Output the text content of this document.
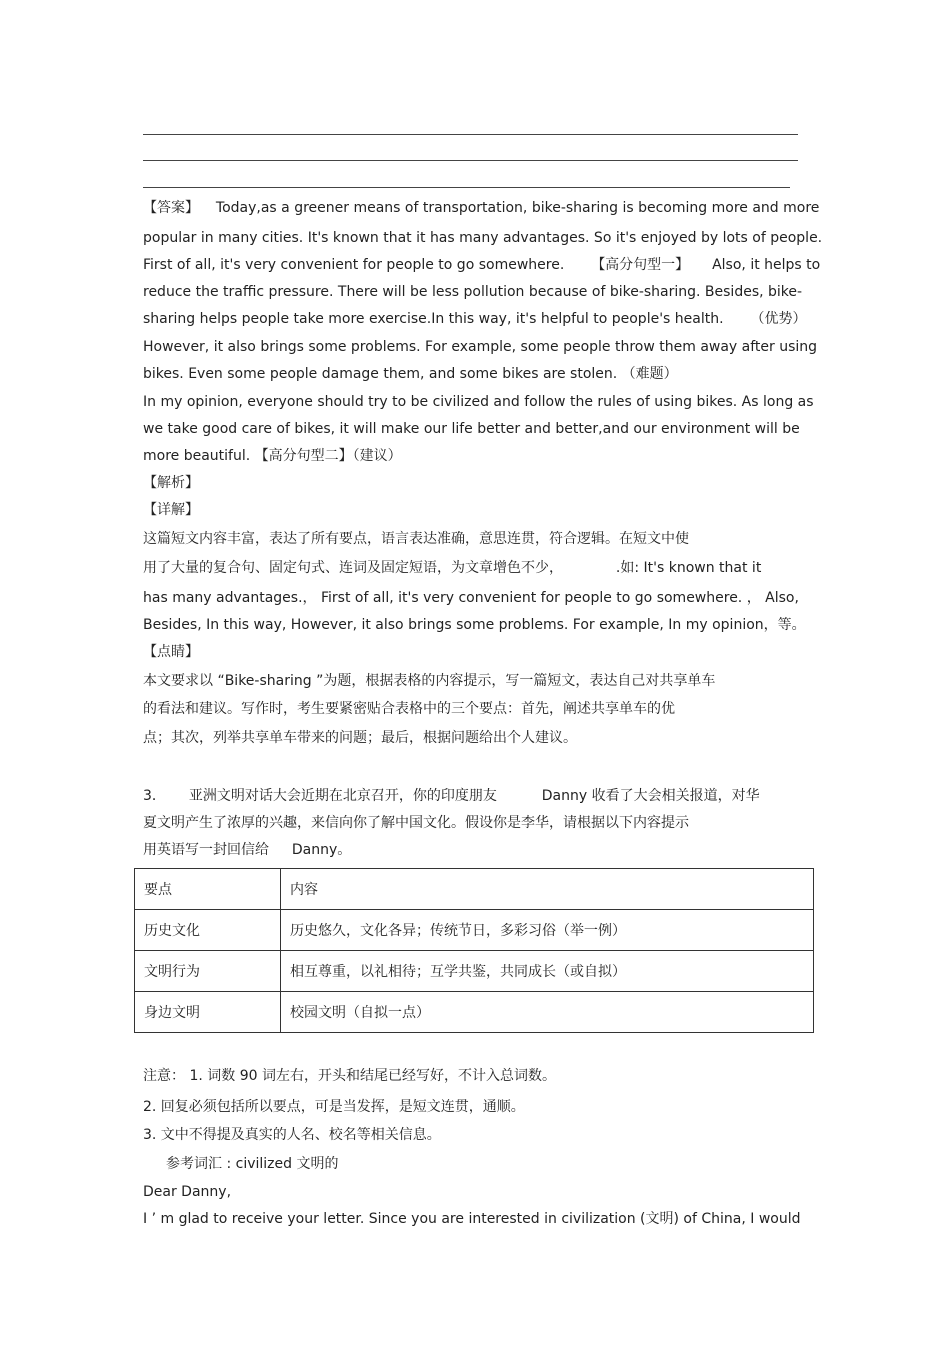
【答案】 Today,as a greener means of transportation, bike-sharing is becoming more and more
popular in many cities. It's known that it has many advantages. So it's enjoyed by lots of people.
First of all, it's very convenient for people to go somewhere. 【高分句型一】 Also, it helps to
reduce the traffic pressure. There will be less pollution because of bike-sharing. Besides, bike-
sharing helps people take more exercise.In this way, it's helpful to people's health. （优势）
However, it also brings some problems. For example, some people throw them away after using
bikes. Even some people damage them, and some bikes are stolen. （难题）
In my opinion, everyone should try to be civilized and follow the rules of using bikes. As long as
we take good care of bikes, it will make our life better and better,and our environment will be
more beautiful. 【高分句型二】（建议）
【解析】
【详解】
这篇短文内容丰富，表达了所有要点，语言表达准确，意思连贯，符合逻辑。在短文中使
用了大量的复合句、固定句式、连词及固定短语，为文章增色不少，	.如: It's known that it
has many advantages.， First of all, it's very convenient for people to go somewhere. ， Also,
Besides, In this way, However, it also brings some problems. For example, In my opinion，等。
【点睛】
本文要求以 “Bike-sharing ”为题，根据表格的内容提示，写一篇短文，表达自己对共享单车
的看法和建议。写作时，考生要紧密贴合表格中的三个要点：首先，阐述共享单车的优
点；其次，列举共享单车带来的问题；最后，根据问题给出个人建议。
3． 亚洲文明对话大会近期在北京召开，你的印度朋友	Danny 收看了大会相关报道，对华
夏文明产生了浓厚的兴趣，来信向你了解中国文化。假设你是李华，请根据以下内容提示
用英语写一封回信给 Danny。
要点	内容
历史文化	历史悠久，文化各异；传统节日，多彩习俗（举一例）
文明行为	相互尊重，以礼相待；互学共鉴，共同成长（或自拟）
身边文明	校园文明（自拟一点）
注意： 1. 词数 90 词左右，开头和结尾已经写好，不计入总词数。
2. 回复必须包括所以要点，可是当发挥，是短文连贯，通顺。
3. 文中不得提及真实的人名、校名等相关信息。
参考词汇 : civilized 文明的
Dear Danny,
I ’ m glad to receive your letter. Since you are interested in civilization (文明) of China, I would
